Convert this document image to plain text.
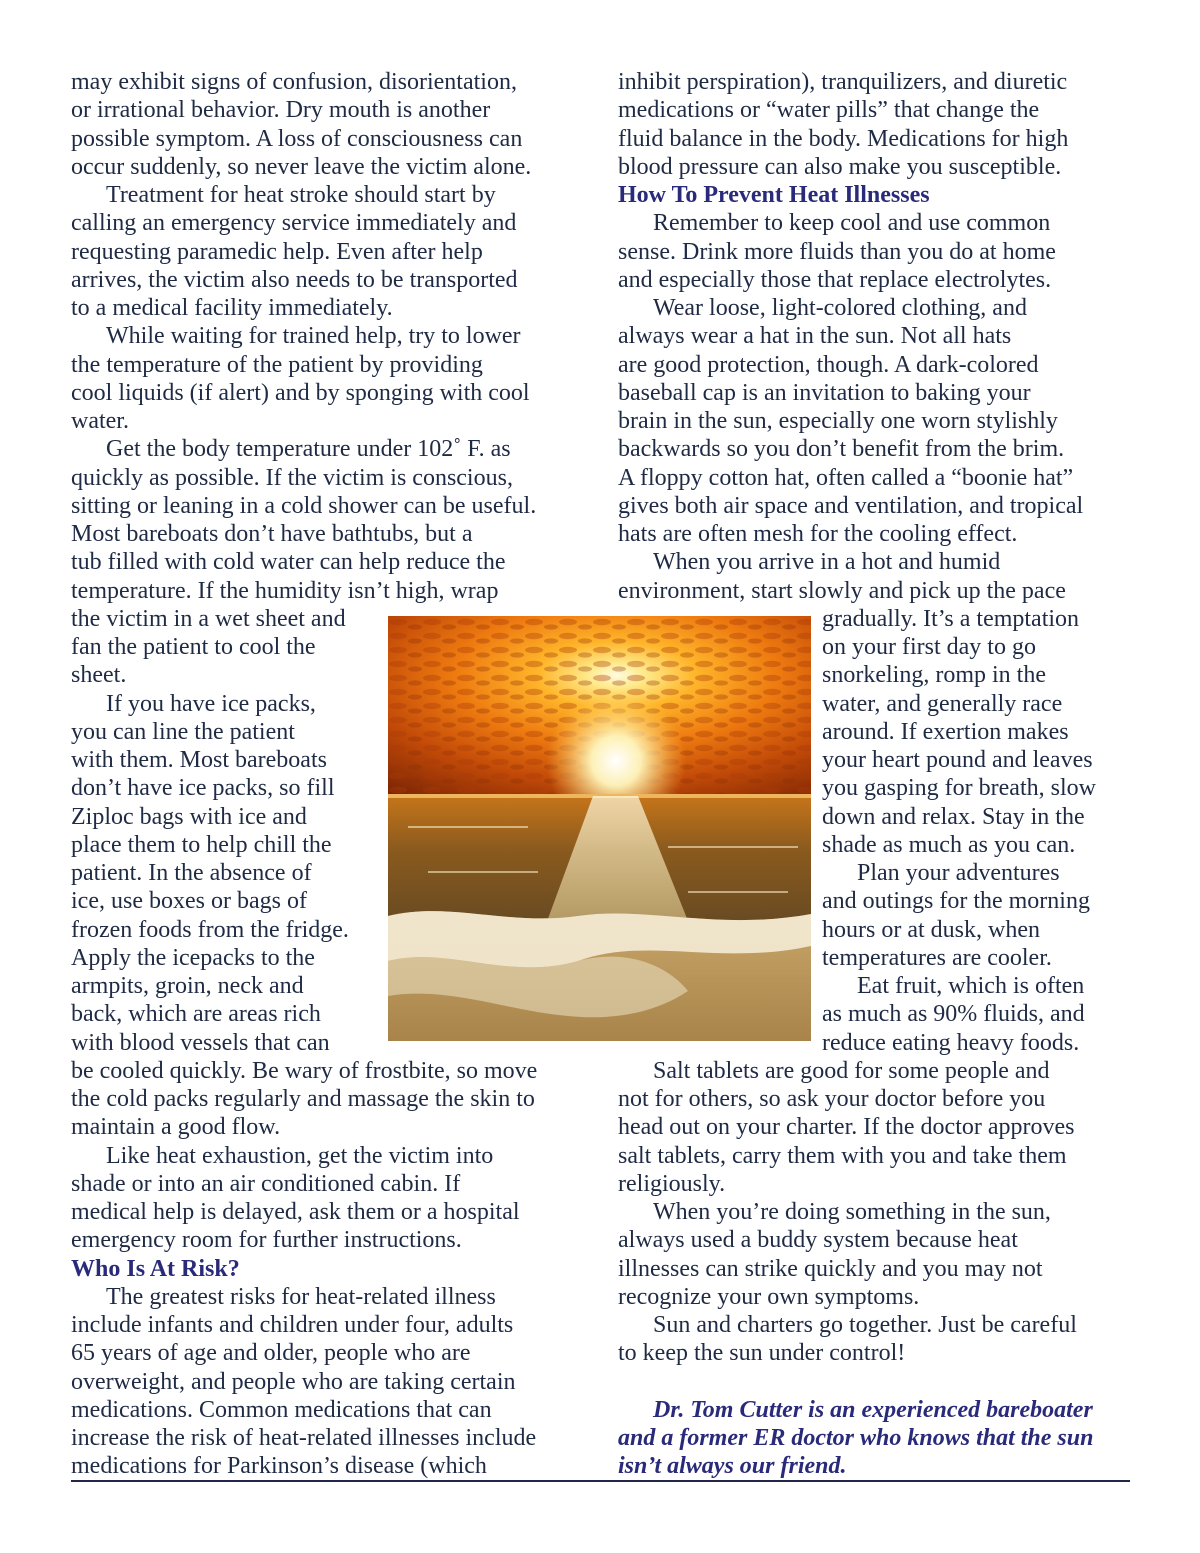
may exhibit signs of confusion, disorientation,
or irrational behavior. Dry mouth is another
possible symptom. A loss of consciousness can
occur suddenly, so never leave the victim alone.
Treatment for heat stroke should start by
calling an emergency service immediately and
requesting paramedic help. Even after help
arrives, the victim also needs to be transported
to a medical facility immediately.
While waiting for trained help, try to lower
the temperature of the patient by providing
cool liquids (if alert) and by sponging with cool
water.
Get the body temperature under 102˚ F. as
quickly as possible. If the victim is conscious,
sitting or leaning in a cold shower can be useful.
Most bareboats don’t have bathtubs, but a
tub filled with cold water can help reduce the
temperature. If the humidity isn’t high, wrap
the victim in a wet sheet and
fan the patient to cool the
sheet.
If you have ice packs,
you can line the patient
with them. Most bareboats
don’t have ice packs, so fill
Ziploc bags with ice and
place them to help chill the
patient. In the absence of
ice, use boxes or bags of
frozen foods from the fridge.
Apply the icepacks to the
armpits, groin, neck and
back, which are areas rich
with blood vessels that can
be cooled quickly. Be wary of frostbite, so move
the cold packs regularly and massage the skin to
maintain a good flow.
Like heat exhaustion, get the victim into
shade or into an air conditioned cabin. If
medical help is delayed, ask them or a hospital
emergency room for further instructions.
Who Is At Risk?
The greatest risks for heat-related illness
include infants and children under four, adults
65 years of age and older, people who are
overweight, and people who are taking certain
medications. Common medications that can
increase the risk of heat-related illnesses include
medications for Parkinson’s disease (which
inhibit perspiration), tranquilizers, and diuretic
medications or “water pills” that change the
fluid balance in the body. Medications for high
blood pressure can also make you susceptible.
How To Prevent Heat Illnesses
Remember to keep cool and use common
sense. Drink more fluids than you do at home
and especially those that replace electrolytes.
Wear loose, light-colored clothing, and
always wear a hat in the sun. Not all hats
are good protection, though. A dark-colored
baseball cap is an invitation to baking your
brain in the sun, especially one worn stylishly
backwards so you don’t benefit from the brim.
A floppy cotton hat, often called a “boonie hat”
gives both air space and ventilation, and tropical
hats are often mesh for the cooling effect.
When you arrive in a hot and humid
environment, start slowly and pick up the pace
gradually. It’s a temptation
on your first day to go
snorkeling, romp in the
water, and generally race
around. If exertion makes
your heart pound and leaves
you gasping for breath, slow
down and relax. Stay in the
shade as much as you can.
Plan your adventures
and outings for the morning
hours or at dusk, when
temperatures are cooler.
Eat fruit, which is often
as much as 90% fluids, and
reduce eating heavy foods.
Salt tablets are good for some people and
not for others, so ask your doctor before you
head out on your charter. If the doctor approves
salt tablets, carry them with you and take them
religiously.
When you’re doing something in the sun,
always used a buddy system because heat
illnesses can strike quickly and you may not
recognize your own symptoms.
Sun and charters go together. Just be careful
to keep the sun under control!
Dr. Tom Cutter is an experienced bareboater
and a former ER doctor who knows that the sun
isn’t always our friend.
